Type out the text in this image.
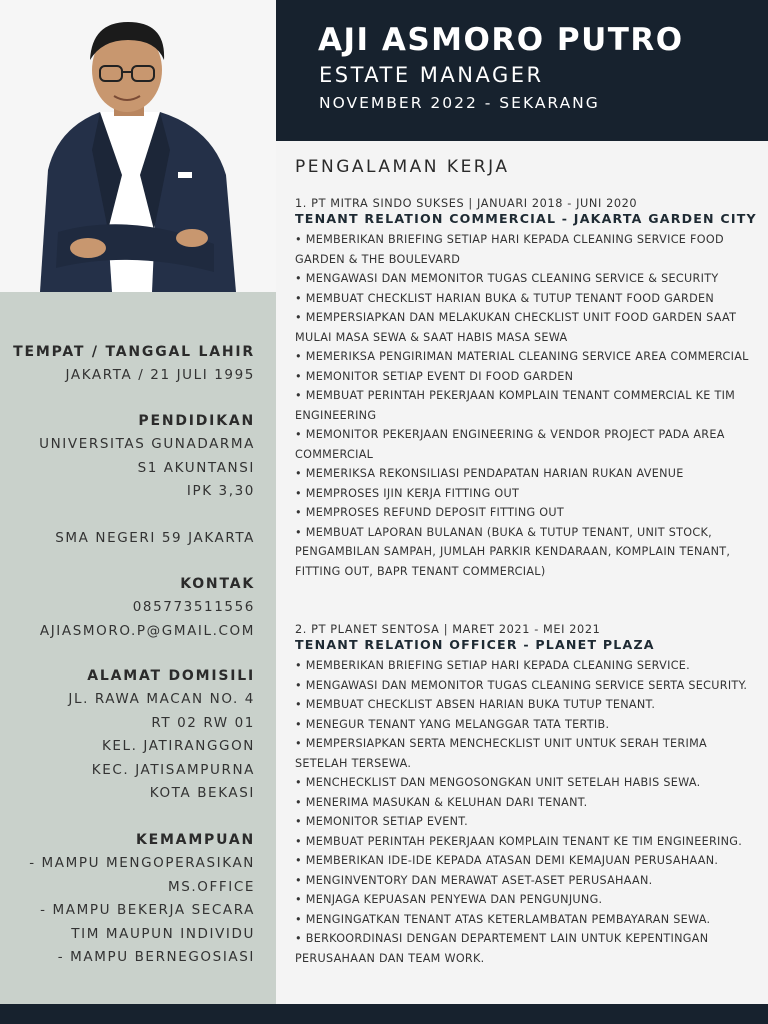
TEMPAT / TANGGAL LAHIR
JAKARTA / 21 JULI 1995
PENDIDIKAN
UNIVERSITAS GUNADARMA
S1 AKUNTANSI
IPK 3,30
SMA NEGERI 59 JAKARTA
KONTAK
085773511556
AJIASMORO.P@GMAIL.COM
ALAMAT DOMISILI
JL. RAWA MACAN NO. 4
RT 02 RW 01
KEL. JATIRANGGON
KEC. JATISAMPURNA
KOTA BEKASI
KEMAMPUAN
- MAMPU MENGOPERASIKAN
MS.OFFICE
- MAMPU BEKERJA SECARA
TIM MAUPUN INDIVIDU
- MAMPU BERNEGOSIASI
AJI ASMORO PUTRO
ESTATE MANAGER
NOVEMBER 2022 - SEKARANG
PENGALAMAN KERJA
1. PT MITRA SINDO SUKSES | JANUARI 2018 - JUNI 2020
TENANT RELATION COMMERCIAL - JAKARTA GARDEN CITY
• MEMBERIKAN BRIEFING SETIAP HARI KEPADA CLEANING SERVICE FOOD GARDEN & THE BOULEVARD
• MENGAWASI DAN MEMONITOR TUGAS CLEANING SERVICE & SECURITY
• MEMBUAT CHECKLIST HARIAN BUKA & TUTUP TENANT FOOD GARDEN
• MEMPERSIAPKAN DAN MELAKUKAN CHECKLIST UNIT FOOD GARDEN SAAT MULAI MASA SEWA & SAAT HABIS MASA SEWA
• MEMERIKSA PENGIRIMAN MATERIAL CLEANING SERVICE AREA COMMERCIAL
• MEMONITOR SETIAP EVENT DI FOOD GARDEN
• MEMBUAT PERINTAH PEKERJAAN KOMPLAIN TENANT COMMERCIAL KE TIM ENGINEERING
• MEMONITOR PEKERJAAN ENGINEERING & VENDOR PROJECT PADA AREA COMMERCIAL
• MEMERIKSA REKONSILIASI PENDAPATAN HARIAN RUKAN AVENUE
• MEMPROSES IJIN KERJA FITTING OUT
• MEMPROSES REFUND DEPOSIT FITTING OUT
• MEMBUAT LAPORAN BULANAN (BUKA & TUTUP TENANT, UNIT STOCK, PENGAMBILAN SAMPAH, JUMLAH PARKIR KENDARAAN, KOMPLAIN TENANT, FITTING OUT, BAPR TENANT COMMERCIAL)
2. PT PLANET SENTOSA | MARET 2021 - MEI 2021
TENANT RELATION OFFICER - PLANET PLAZA
• MEMBERIKAN BRIEFING SETIAP HARI KEPADA CLEANING SERVICE.
• MENGAWASI DAN MEMONITOR TUGAS CLEANING SERVICE SERTA SECURITY.
• MEMBUAT CHECKLIST ABSEN HARIAN BUKA TUTUP TENANT.
• MENEGUR TENANT YANG MELANGGAR TATA TERTIB.
• MEMPERSIAPKAN SERTA MENCHECKLIST UNIT UNTUK SERAH TERIMA SETELAH TERSEWA.
• MENCHECKLIST DAN MENGOSONGKAN UNIT SETELAH HABIS SEWA.
• MENERIMA MASUKAN & KELUHAN DARI TENANT.
• MEMONITOR SETIAP EVENT.
• MEMBUAT PERINTAH PEKERJAAN KOMPLAIN TENANT KE TIM ENGINEERING.
• MEMBERIKAN IDE-IDE KEPADA ATASAN DEMI KEMAJUAN PERUSAHAAN.
• MENGINVENTORY DAN MERAWAT ASET-ASET PERUSAHAAN.
• MENJAGA KEPUASAN PENYEWA DAN PENGUNJUNG.
• MENGINGATKAN TENANT ATAS KETERLAMBATAN PEMBAYARAN SEWA.
• BERKOORDINASI DENGAN DEPARTEMENT LAIN UNTUK KEPENTINGAN PERUSAHAAN DAN TEAM WORK.
